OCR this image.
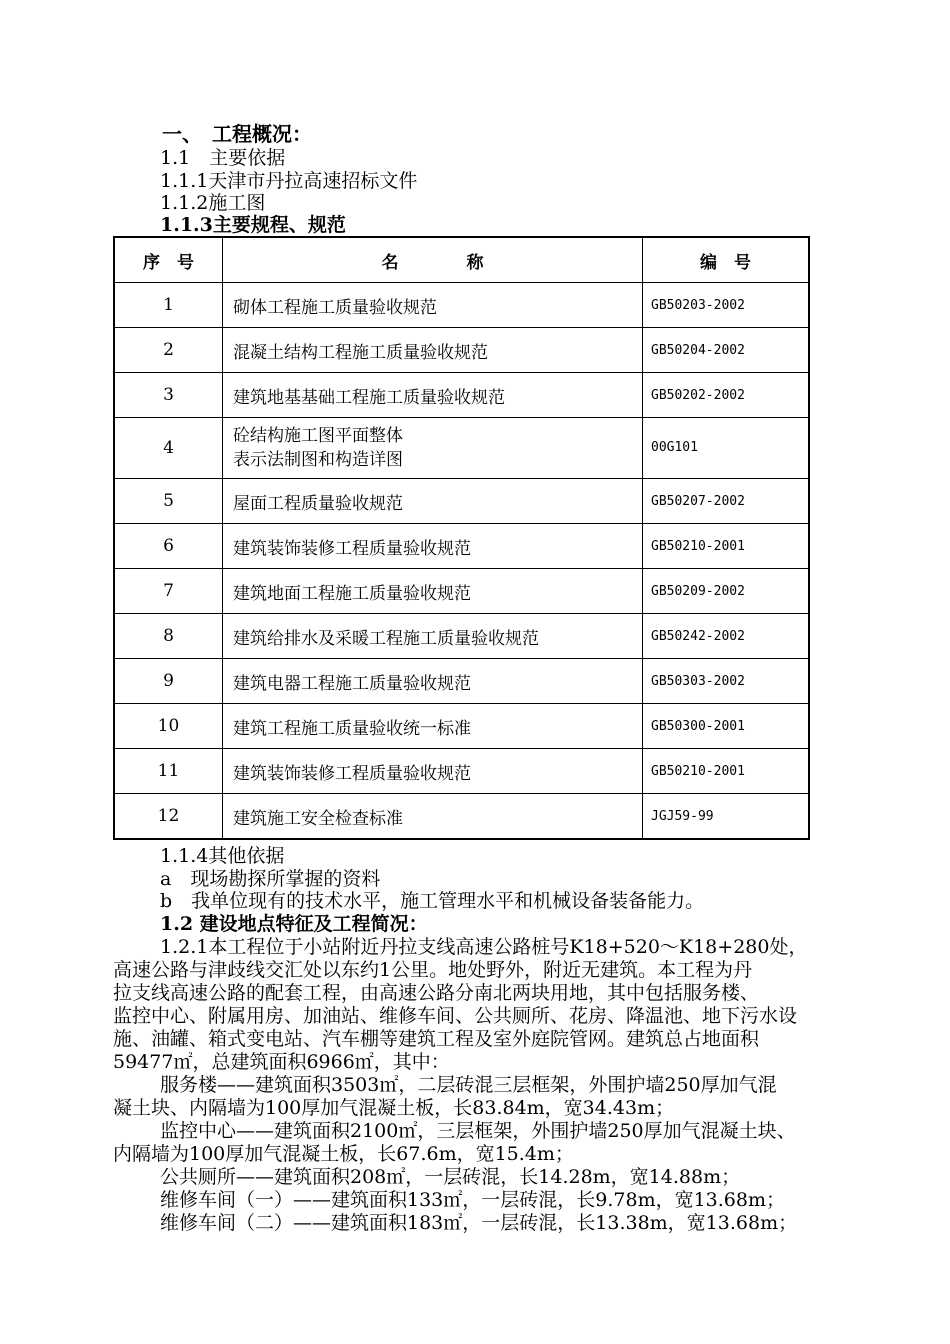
一、　工程概况：
1.1　主要依据
1.1.1天津市丹拉高速招标文件
1.1.2施工图
1.1.3主要规程、规范
序　号	名　　　　称	编　号
1	砌体工程施工质量验收规范	GB50203-2002
2	混凝土结构工程施工质量验收规范	GB50204-2002
3	建筑地基基础工程施工质量验收规范	GB50202-2002
4	砼结构施工图平面整体
表示法制图和构造详图	00G101
5	屋面工程质量验收规范	GB50207-2002
6	建筑装饰装修工程质量验收规范	GB50210-2001
7	建筑地面工程施工质量验收规范	GB50209-2002
8	建筑给排水及采暖工程施工质量验收规范	GB50242-2002
9	建筑电器工程施工质量验收规范	GB50303-2002
10	建筑工程施工质量验收统一标准	GB50300-2001
11	建筑装饰装修工程质量验收规范	GB50210-2001
12	建筑施工安全检查标准	JGJ59-99
1.1.4其他依据
a　现场勘探所掌握的资料
b　我单位现有的技术水平，施工管理水平和机械设备装备能力。
1.2 建设地点特征及工程简况：
1.2.1本工程位于小站附近丹拉支线高速公路桩号K18+520～K18+280处，
高速公路与津歧线交汇处以东约1公里。地处野外，附近无建筑。本工程为丹
拉支线高速公路的配套工程，由高速公路分南北两块用地，其中包括服务楼、
监控中心、附属用房、加油站、维修车间、公共厕所、花房、降温池、地下污水设
施、油罐、箱式变电站、汽车棚等建筑工程及室外庭院管网。建筑总占地面积
59477㎡，总建筑面积6966㎡，其中：
服务楼——建筑面积3503㎡，二层砖混三层框架，外围护墙250厚加气混
凝土块、内隔墙为100厚加气混凝土板，长83.84m，宽34.43m；
监控中心——建筑面积2100㎡，三层框架，外围护墙250厚加气混凝土块、
内隔墙为100厚加气混凝土板，长67.6m，宽15.4m；
公共厕所——建筑面积208㎡，一层砖混，长14.28m，宽14.88m；
维修车间（一）——建筑面积133㎡，一层砖混，长9.78m，宽13.68m；
维修车间（二）——建筑面积183㎡，一层砖混，长13.38m，宽13.68m；
